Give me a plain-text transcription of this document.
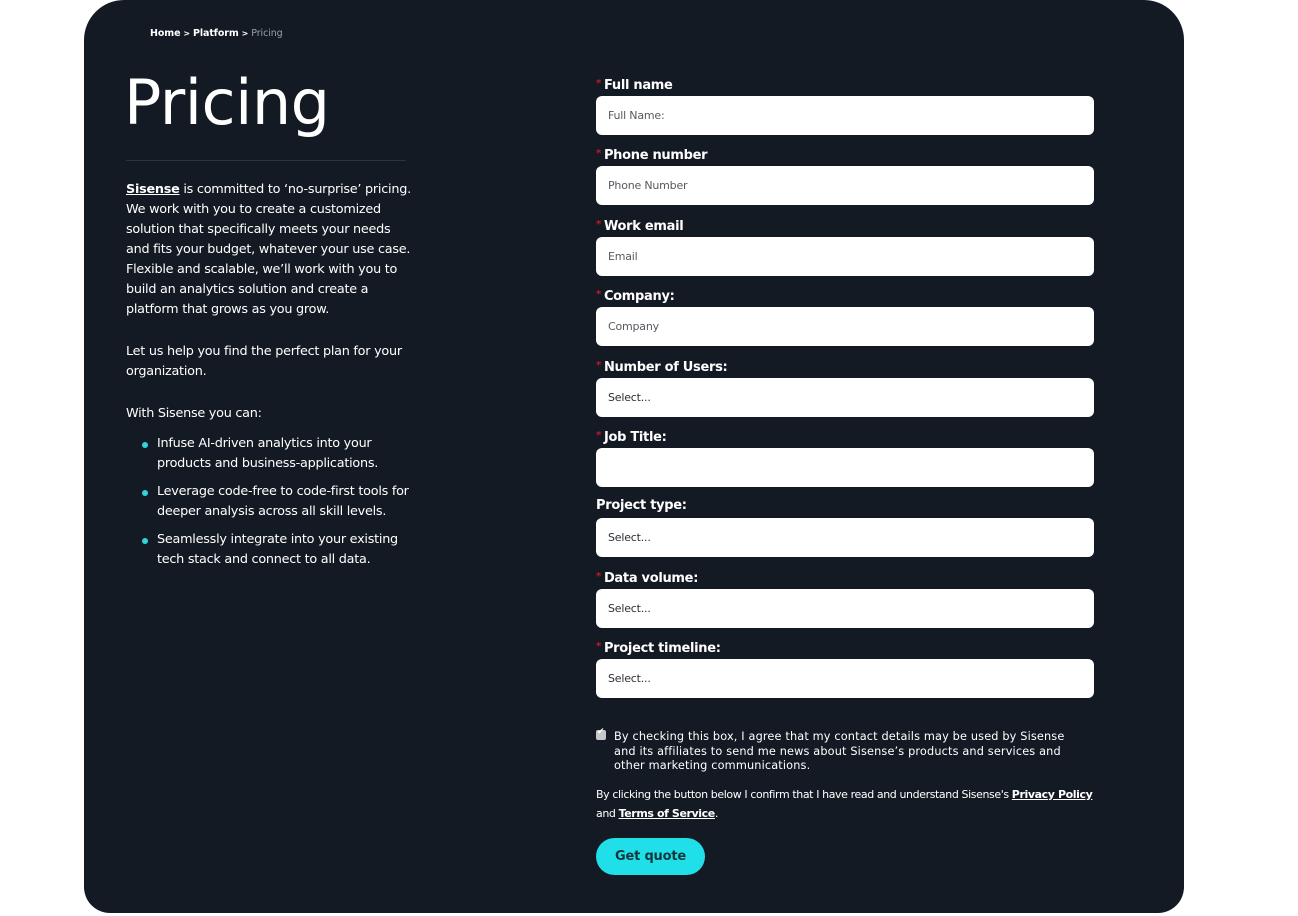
Home > Platform > Pricing
Pricing

Sisense is committed to ‘no-surprise’ pricing. We work with you to create a customized solution that specifically meets your needs and fits your budget, whatever your use case. Flexible and scalable, we’ll work with you to build an analytics solution and create a platform that grows as you grow.

Let us help you find the perfect plan for your organization.

With Sisense you can:

Infuse AI-driven analytics into your products and business-applications.
Leverage code-free to code-first tools for deeper analysis across all skill levels.
Seamlessly integrate into your existing tech stack and connect to all data.
* Full name
Full Name:
* Phone number
Phone Number
* Work email
Email
* Company:
Company
* Number of Users:
Select...
* Job Title:
Project type:
Select...
* Data volume:
Select...
* Project timeline:
Select...
✔ By checking this box, I agree that my contact details may be used by Sisense and its affiliates to send me news about Sisense’s products and services and other marketing communications.
By clicking the button below I confirm that I have read and understand Sisense's Privacy Policy and Terms of Service.
Get quote
